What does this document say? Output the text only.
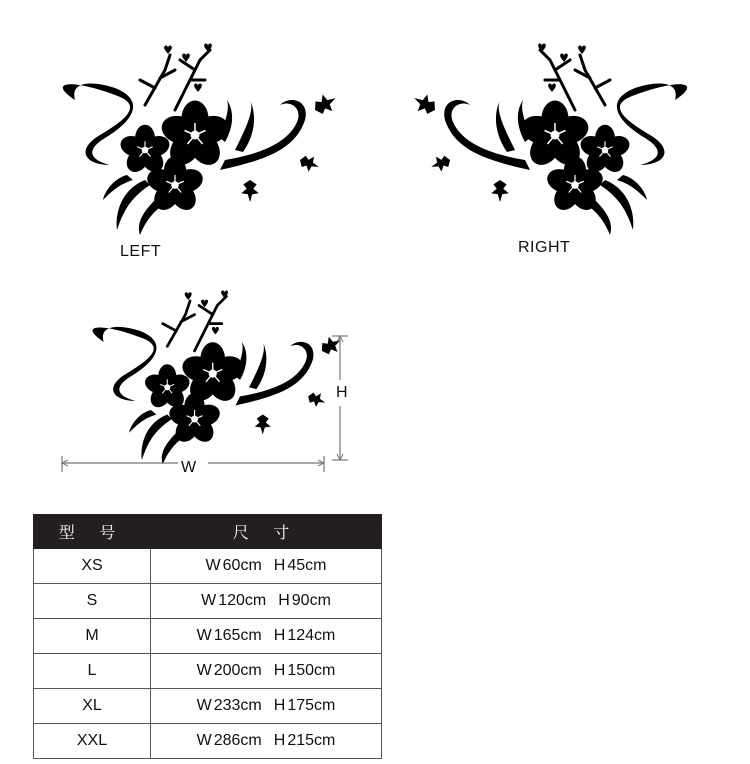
LEFT	RIGHT
W
H
型 号	尺 寸
XS	W 60cm H 45cm
S	W 120cm H 90cm
M	W 165cm H 124cm
L	W 200cm H 150cm
XL	W 233cm H 175cm
XXL	W 286cm H 215cm
